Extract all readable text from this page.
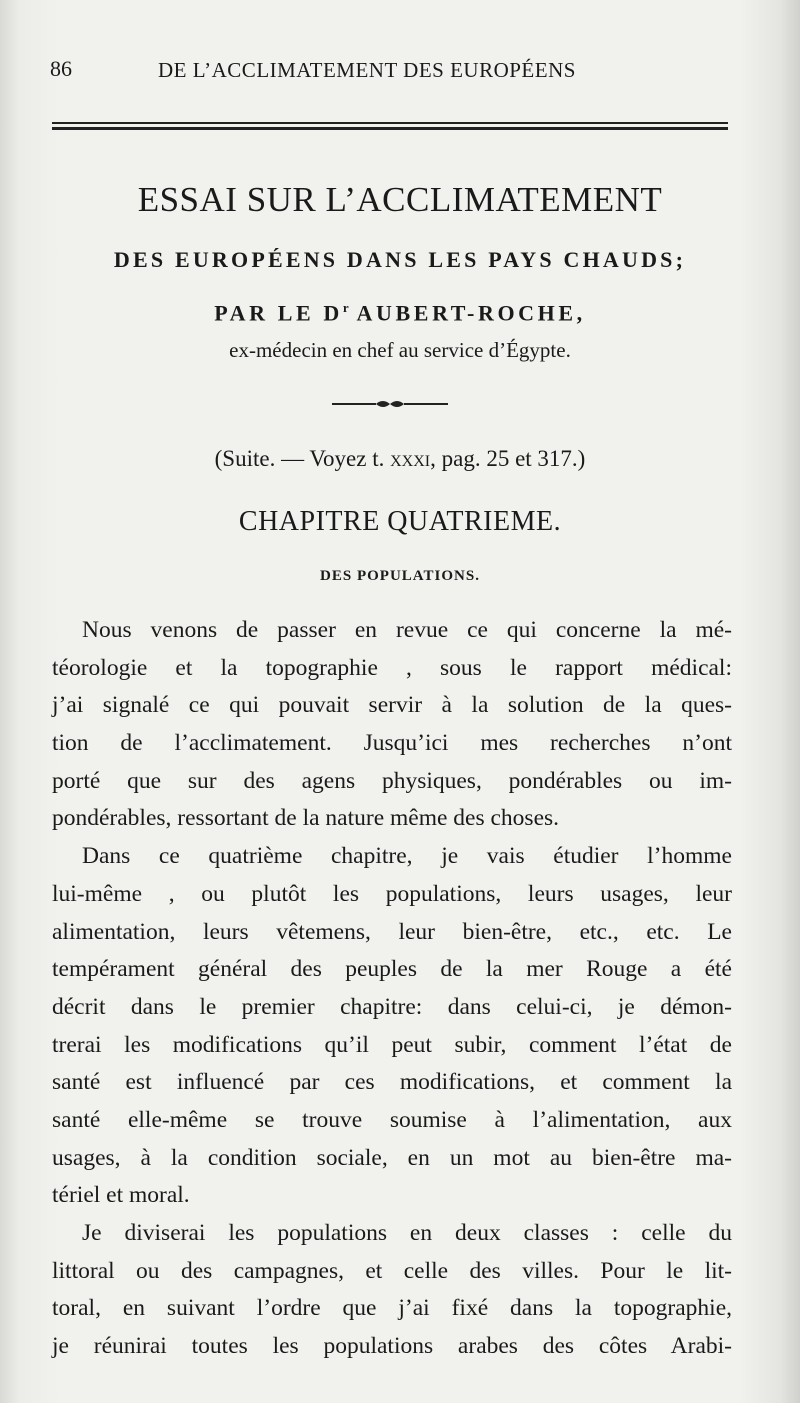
86	DE L’ACCLIMATEMENT DES EUROPÉENS
ESSAI SUR L’ACCLIMATEMENT
DES EUROPÉENS DANS LES PAYS CHAUDS;
PAR LE $D^r$ AUBERT-ROCHE,
ex-médecin en chef au service d’Égypte.
(Suite. — Voyez t. xxxi, pag. 25 et 317.)
CHAPITRE QUATRIEME.
DES POPULATIONS.
Nous venons de passer en revue ce qui concerne la mé-
téorologie et la topographie , sous le rapport médical:
j’ai signalé ce qui pouvait servir à la solution de la ques-
tion de l’acclimatement. Jusqu’ici mes recherches n’ont
porté que sur des agens physiques, pondérables ou im-
pondérables, ressortant de la nature même des choses.
Dans ce quatrième chapitre, je vais étudier l’homme
lui-même , ou plutôt les populations, leurs usages, leur
alimentation, leurs vêtemens, leur bien-être, etc., etc. Le
tempérament général des peuples de la mer Rouge a été
décrit dans le premier chapitre: dans celui-ci, je démon-
trerai les modifications qu’il peut subir, comment l’état de
santé est influencé par ces modifications, et comment la
santé elle-même se trouve soumise à l’alimentation, aux
usages, à la condition sociale, en un mot au bien-être ma-
tériel et moral.
Je diviserai les populations en deux classes : celle du
littoral ou des campagnes, et celle des villes. Pour le lit-
toral, en suivant l’ordre que j’ai fixé dans la topographie,
je réunirai toutes les populations arabes des côtes Arabi-
